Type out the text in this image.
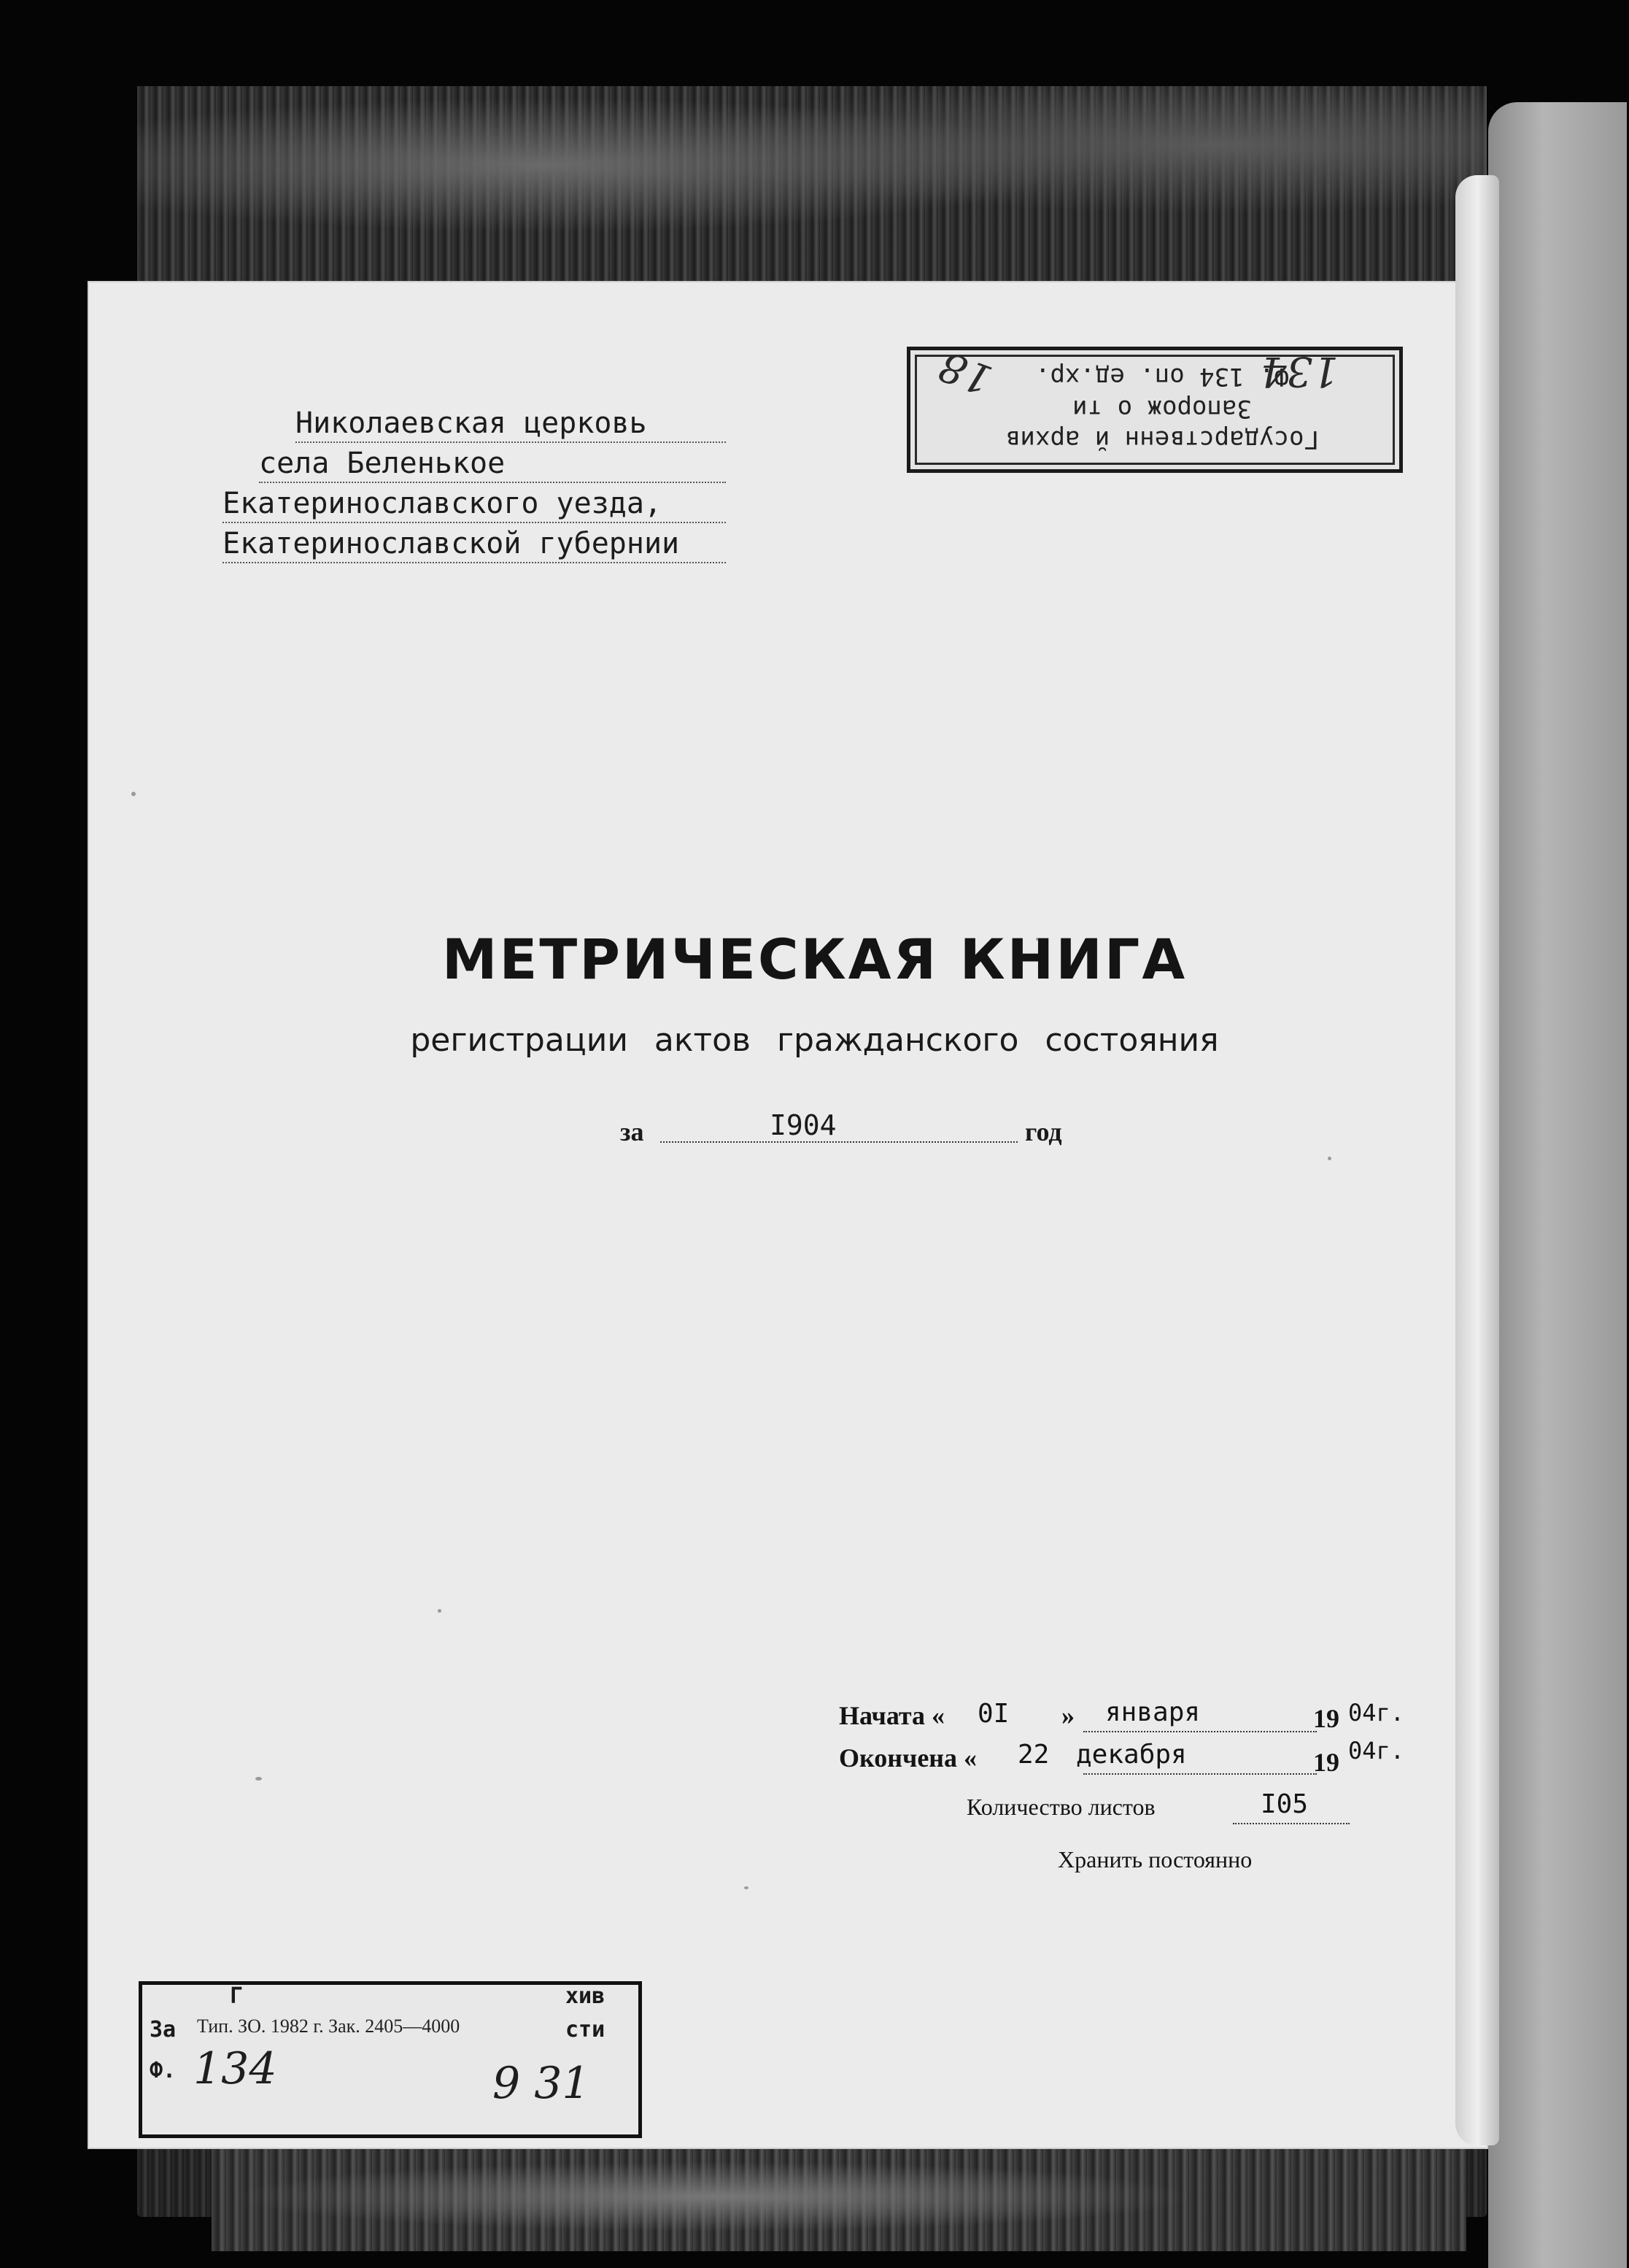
Николаевская церковь
села Беленькое
Екатеринославского уезда,
Екатеринославской губернии
Государственн й архив
Запорож о ти
Ф. 134 оп. ед.хр.
134
18
МЕТРИЧЕСКАЯ КНИГА
регистрации актов гражданского состояния
за	I904	год
Начата « 0I » января	19 04г.
Окончена « 22 декабря	19 04г.
Количество листов	I05
Хранить постоянно
Г	хив
За	сти
Ф. 134	9 31
Тип. ЗО. 1982 г. Зак. 2405—4000
